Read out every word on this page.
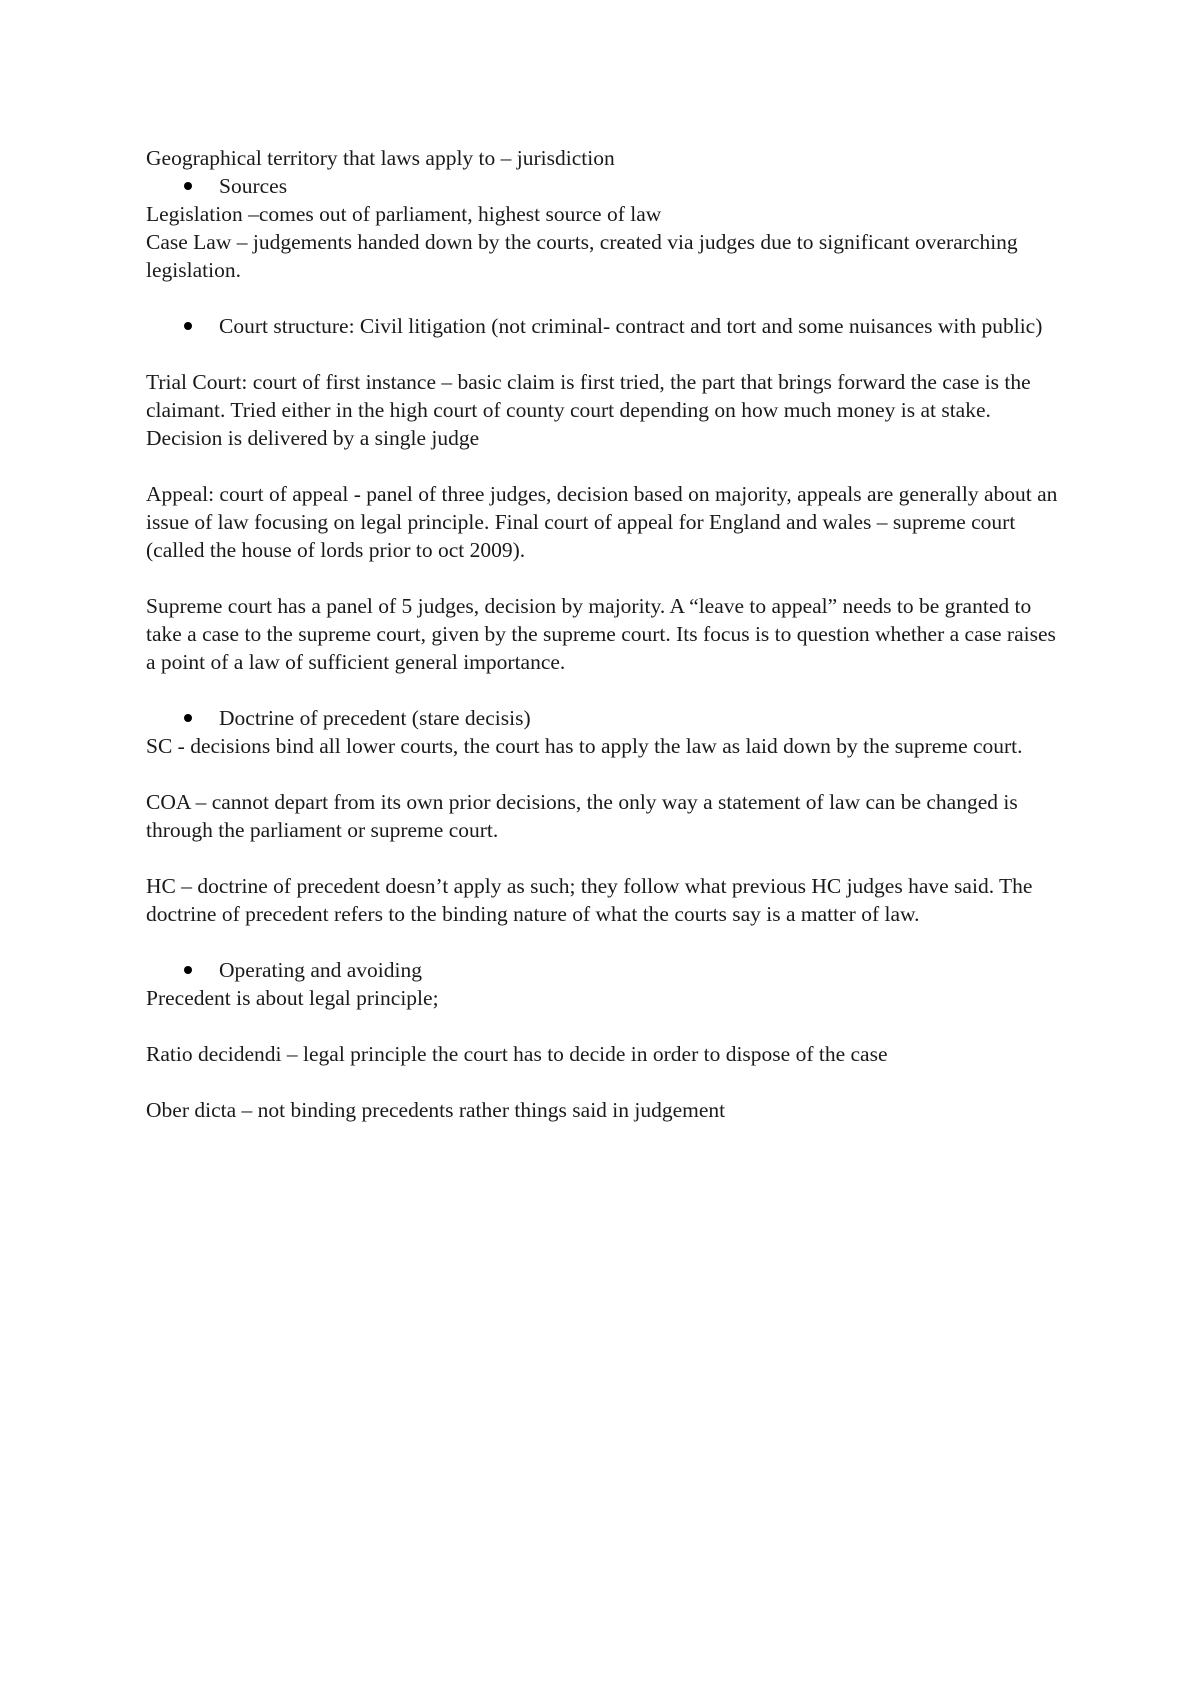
Geographical territory that laws apply to – jurisdiction

Sources

Legislation –comes out of parliament, highest source of law

Case Law – judgements handed down by the courts, created via judges due to significant overarching legislation.

Court structure: Civil litigation (not criminal- contract and tort and some nuisances with public)

Trial Court: court of first instance – basic claim is first tried, the part that brings forward the case is the claimant. Tried either in the high court of county court depending on how much money is at stake. Decision is delivered by a single judge

Appeal: court of appeal - panel of three judges, decision based on majority, appeals are generally about an issue of law focusing on legal principle. Final court of appeal for England and wales – supreme court (called the house of lords prior to oct 2009).

Supreme court has a panel of 5 judges, decision by majority. A “leave to appeal” needs to be granted to take a case to the supreme court, given by the supreme court. Its focus is to question whether a case raises a point of a law of sufficient general importance.

Doctrine of precedent (stare decisis)

SC - decisions bind all lower courts, the court has to apply the law as laid down by the supreme court.

COA – cannot depart from its own prior decisions, the only way a statement of law can be changed is through the parliament or supreme court.

HC – doctrine of precedent doesn’t apply as such; they follow what previous HC judges have said. The doctrine of precedent refers to the binding nature of what the courts say is a matter of law.

Operating and avoiding

Precedent is about legal principle;

Ratio decidendi – legal principle the court has to decide in order to dispose of the case

Ober dicta – not binding precedents rather things said in judgement
